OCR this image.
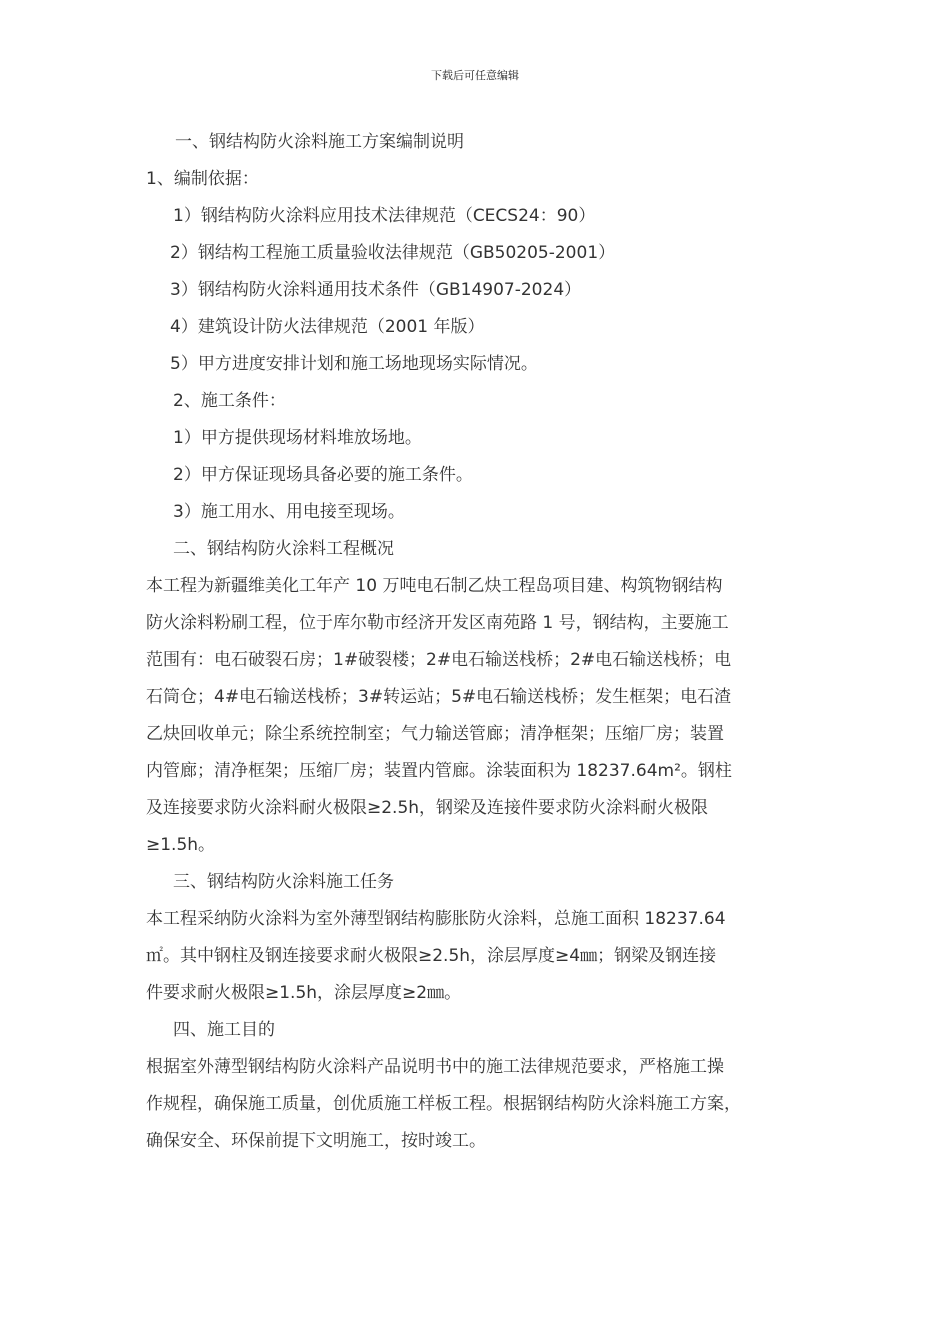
下载后可任意编辑

一、钢结构防火涂料施工方案编制说明

1、编制依据：

1）钢结构防火涂料应用技术法律规范（CECS24：90）

2）钢结构工程施工质量验收法律规范（GB50205-2001）

3）钢结构防火涂料通用技术条件（GB14907-2024）

4）建筑设计防火法律规范（2001 年版）

5）甲方进度安排计划和施工场地现场实际情况。

2、施工条件：

1）甲方提供现场材料堆放场地。

2）甲方保证现场具备必要的施工条件。

3）施工用水、用电接至现场。

二、钢结构防火涂料工程概况

本工程为新疆维美化工年产 10 万吨电石制乙炔工程岛项目建、构筑物钢结构

防火涂料粉刷工程，位于库尔勒市经济开发区南苑路 1 号，钢结构，主要施工

范围有：电石破裂石房；1#破裂楼；2#电石输送栈桥；2#电石输送栈桥；电

石筒仓；4#电石输送栈桥；3#转运站；5#电石输送栈桥；发生框架；电石渣

乙炔回收单元；除尘系统控制室；气力输送管廊；清净框架；压缩厂房；装置

内管廊；清净框架；压缩厂房；装置内管廊。涂装面积为 18237.64m²。钢柱

及连接要求防火涂料耐火极限≥2.5h，钢梁及连接件要求防火涂料耐火极限

≥1.5h。

三、钢结构防火涂料施工任务

本工程采纳防火涂料为室外薄型钢结构膨胀防火涂料，总施工面积 18237.64

㎡。其中钢柱及钢连接要求耐火极限≥2.5h，涂层厚度≥4㎜；钢梁及钢连接

件要求耐火极限≥1.5h，涂层厚度≥2㎜。

四、施工目的

根据室外薄型钢结构防火涂料产品说明书中的施工法律规范要求，严格施工操

作规程，确保施工质量，创优质施工样板工程。根据钢结构防火涂料施工方案，

确保安全、环保前提下文明施工，按时竣工。
